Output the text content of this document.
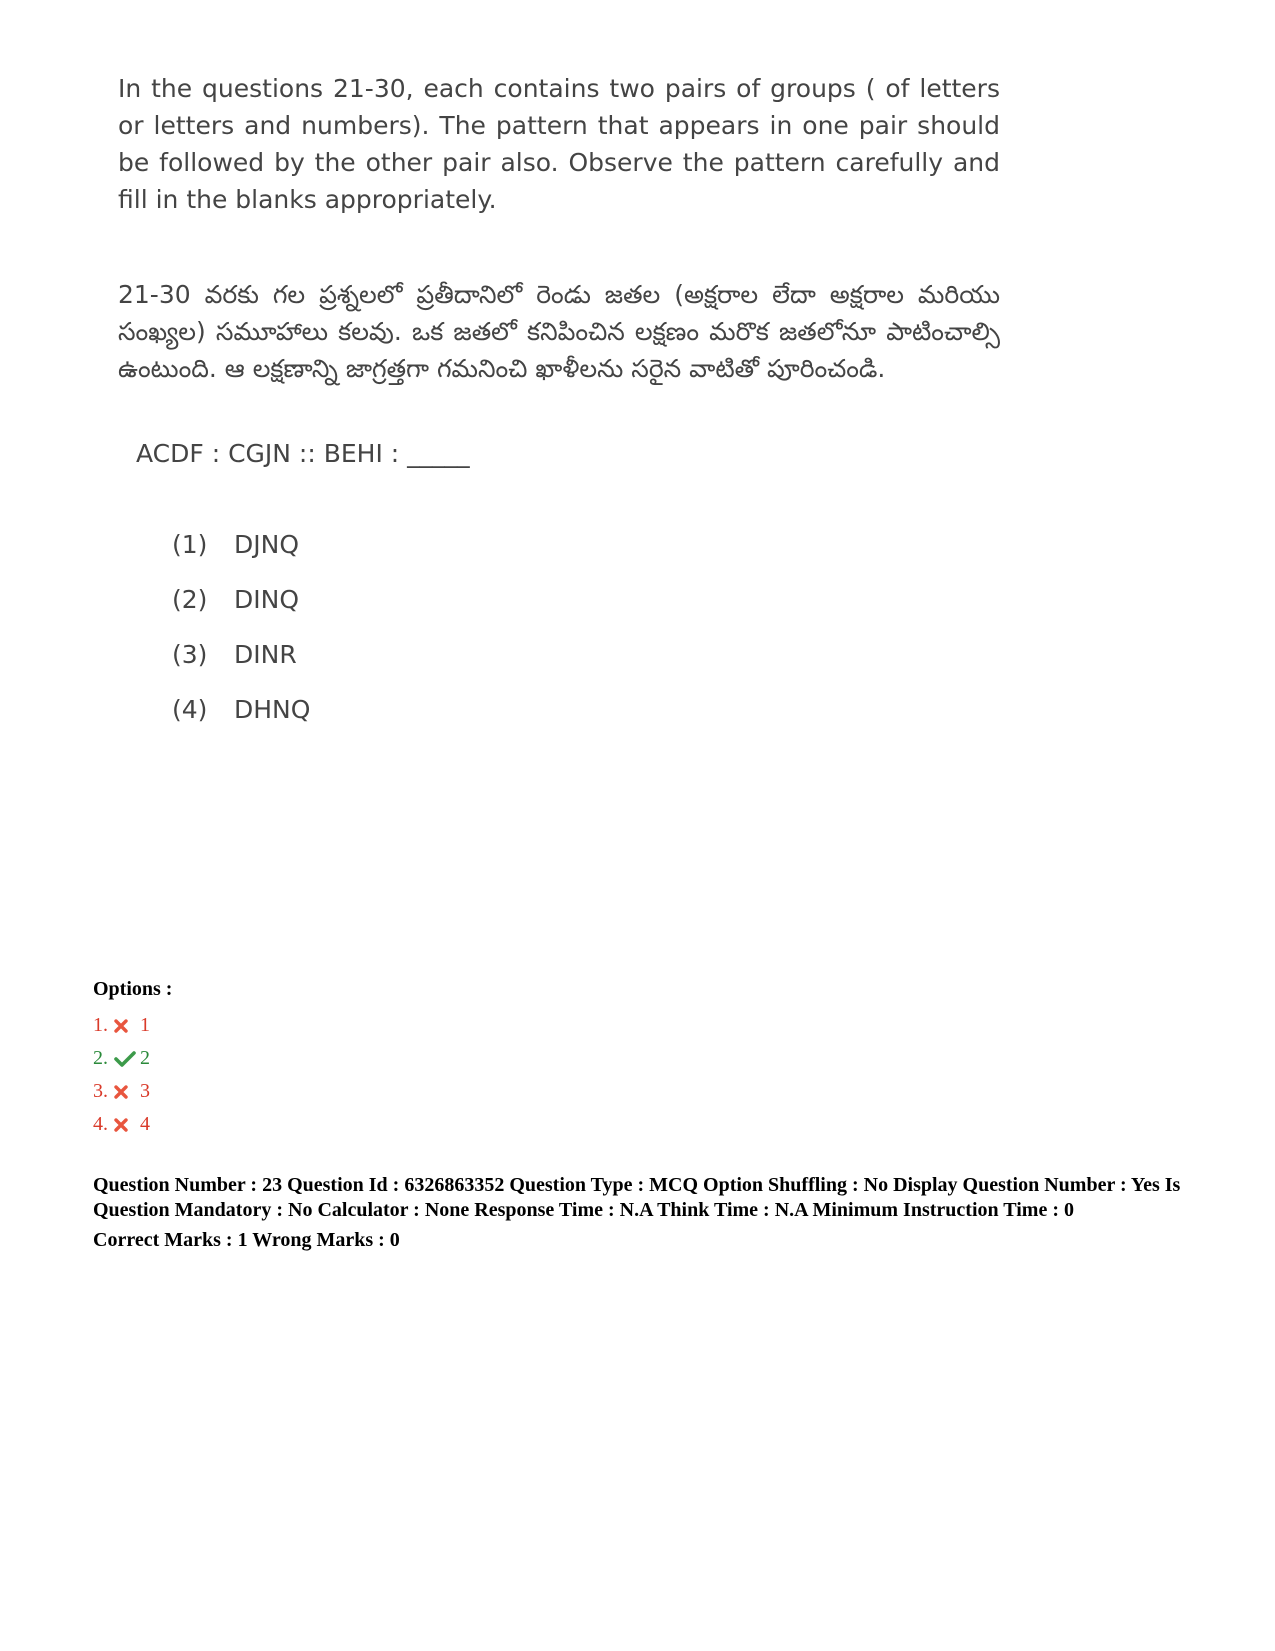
In the questions 21-30, each contains two pairs of groups ( of letters or letters and numbers). The pattern that appears in one pair should be followed by the other pair also. Observe the pattern carefully and fill in the blanks appropriately.

21-30 వరకు గల ప్రశ్నలలో ప్రతీదానిలో రెండు జతల (అక్షరాల లేదా అక్షరాల మరియు సంఖ్యల) సమూహాలు కలవు. ఒక జతలో కనిపించిన లక్షణం మరొక జతలోనూ పాటించాల్సి ఉంటుంది. ఆ లక్షణాన్ని జాగ్రత్తగా గమనించి ఖాళీలను సరైన వాటితో పూరించండి.

ACDF : CGJN :: BEHI : _____
(1)	DJNQ
(2)	DINQ
(3)	DINR
(4)	DHNQ

Options :

1. 1
2. 2
3. 3
4. 4

Question Number : 23 Question Id : 6326863352 Question Type : MCQ Option Shuffling : No Display Question Number : Yes Is Question Mandatory : No Calculator : None Response Time : N.A Think Time : N.A Minimum Instruction Time : 0

Correct Marks : 1 Wrong Marks : 0
